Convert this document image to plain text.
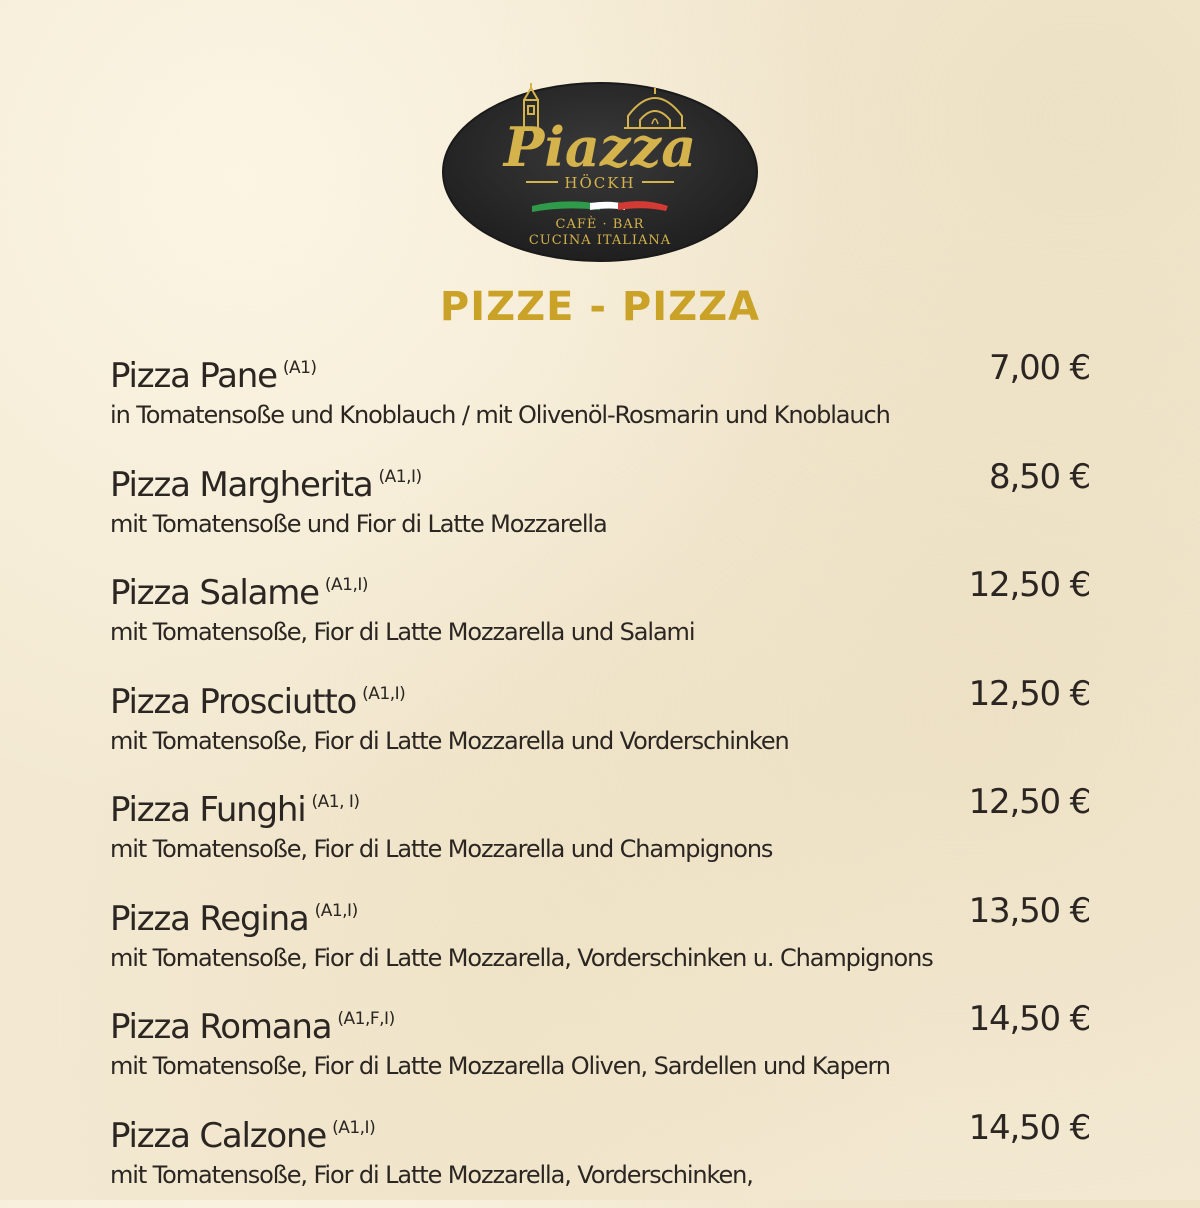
Piazza
HÖCKH
CAFÈ · BAR
CUCINA ITALIANA
PIZZE - PIZZA
Pizza Pane $^{(A1)}$	7,00 €
in Tomatensoße und Knoblauch / mit Olivenöl-Rosmarin und Knoblauch
Pizza Margherita $^{(A1,I)}$	8,50 €
mit Tomatensoße und Fior di Latte Mozzarella
Pizza Salame $^{(A1,I)}$	12,50 €
mit Tomatensoße, Fior di Latte Mozzarella und Salami
Pizza Prosciutto $^{(A1,I)}$	12,50 €
mit Tomatensoße, Fior di Latte Mozzarella und Vorderschinken
Pizza Funghi $^{(A1, I)}$	12,50 €
mit Tomatensoße, Fior di Latte Mozzarella und Champignons
Pizza Regina $^{(A1,I)}$	13,50 €
mit Tomatensoße, Fior di Latte Mozzarella, Vorderschinken u. Champignons
Pizza Romana $^{(A1,F,I)}$	14,50 €
mit Tomatensoße, Fior di Latte Mozzarella Oliven, Sardellen und Kapern
Pizza Calzone $^{(A1,I)}$	14,50 €
mit Tomatensoße, Fior di Latte Mozzarella, Vorderschinken,
